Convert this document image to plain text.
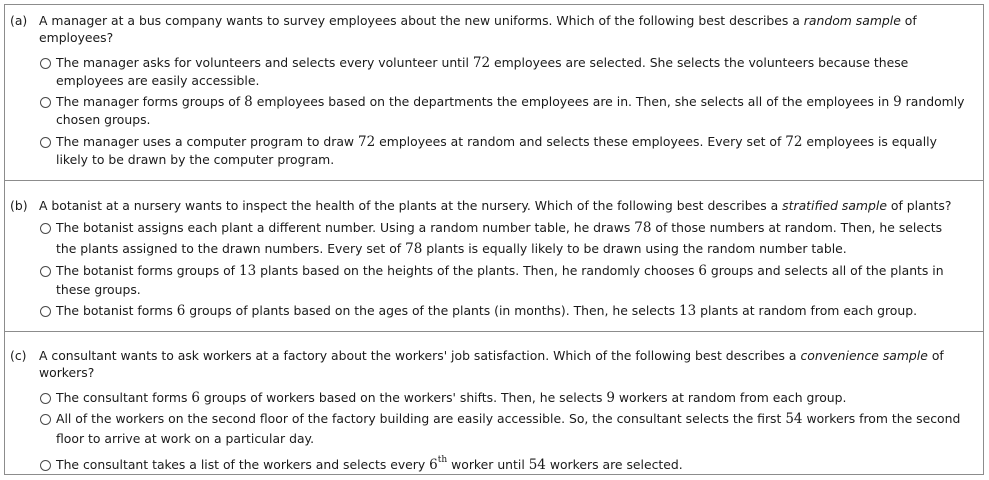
(a) A manager at a bus company wants to survey employees about the new uniforms. Which of the following best describes a random sample of
employees?
The manager asks for volunteers and selects every volunteer until 72 employees are selected. She selects the volunteers because these
employees are easily accessible.
The manager forms groups of 8 employees based on the departments the employees are in. Then, she selects all of the employees in 9 randomly
chosen groups.
The manager uses a computer program to draw 72 employees at random and selects these employees. Every set of 72 employees is equally
likely to be drawn by the computer program.
(b) A botanist at a nursery wants to inspect the health of the plants at the nursery. Which of the following best describes a stratified sample of plants?
The botanist assigns each plant a different number. Using a random number table, he draws 78 of those numbers at random. Then, he selects
the plants assigned to the drawn numbers. Every set of 78 plants is equally likely to be drawn using the random number table.
The botanist forms groups of 13 plants based on the heights of the plants. Then, he randomly chooses 6 groups and selects all of the plants in
these groups.
The botanist forms 6 groups of plants based on the ages of the plants (in months). Then, he selects 13 plants at random from each group.
(c) A consultant wants to ask workers at a factory about the workers' job satisfaction. Which of the following best describes a convenience sample of
workers?
The consultant forms 6 groups of workers based on the workers' shifts. Then, he selects 9 workers at random from each group.
All of the workers on the second floor of the factory building are easily accessible. So, the consultant selects the first 54 workers from the second
floor to arrive at work on a particular day.
The consultant takes a list of the workers and selects every 6th worker until 54 workers are selected.
